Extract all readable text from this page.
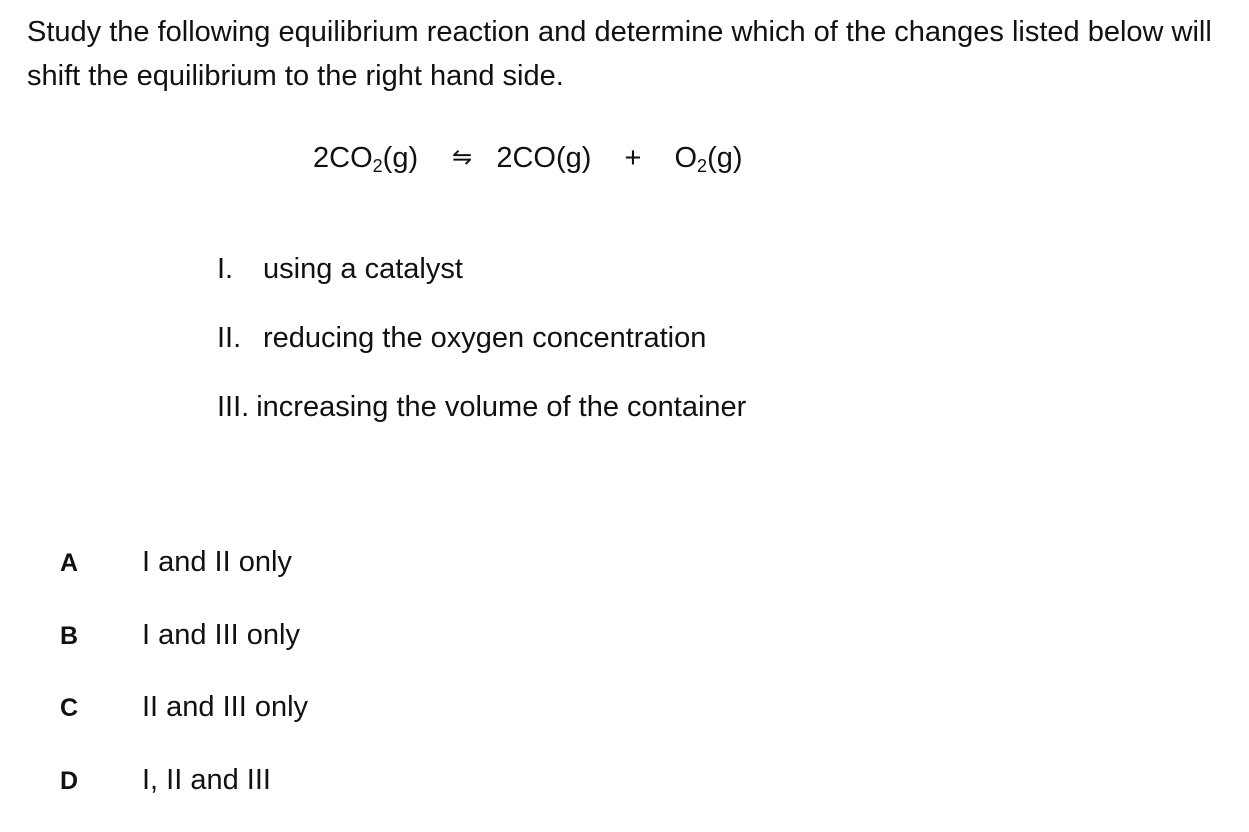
Study the following equilibrium reaction and determine which of the changes listed below will shift the equilibrium to the right hand side.
$2CO_2(g)$ ⇋ $2CO(g) + O_2(g)$
I. using a catalyst
II. reducing the oxygen concentration
III. increasing the volume of the container
A I and II only
B I and III only
C II and III only
D I, II and III
